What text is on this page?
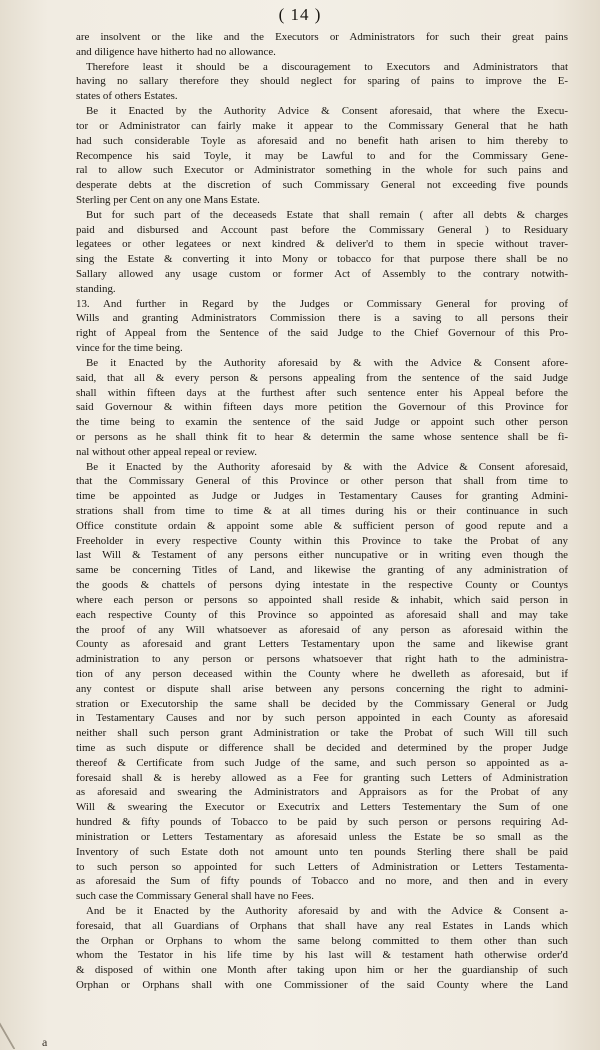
( 14 )
are insolvent or the like and the Executors or Administrators for such their great pains
and diligence have hitherto had no allowance.
Therefore least it should be a discouragement to Executors and Administrators that
having no sallary therefore they should neglect for sparing of pains to improve the E-
states of others Estates.
Be it Enacted by the Authority Advice & Consent aforesaid, that where the Execu-
tor or Administrator can fairly make it appear to the Commissary General that he hath
had such considerable Toyle as aforesaid and no benefit hath arisen to him thereby to
Recompence his said Toyle, it may be Lawful to and for the Commissary Gene-
ral to allow such Executor or Administrator something in the whole for such pains and
desperate debts at the discretion of such Commissary General not exceeding five pounds
Sterling per Cent on any one Mans Estate.
But for such part of the deceaseds Estate that shall remain ( after all debts & charges
paid and disbursed and Account past before the Commissary General ) to Residuary
legatees or other legatees or next kindred & deliver'd to them in specie without traver-
sing the Estate & converting it into Mony or tobacco for that purpose there shall be no
Sallary allowed any usage custom or former Act of Assembly to the contrary notwith-
standing.
13. And further in Regard by the Judges or Commissary General for proving of
Wills and granting Administrators Commission there is a saving to all persons their
right of Appeal from the Sentence of the said Judge to the Chief Governour of this Pro-
vince for the time being.
Be it Enacted by the Authority aforesaid by & with the Advice & Consent afore-
said, that all & every person & persons appealing from the sentence of the said Judge
shall within fifteen days at the furthest after such sentence enter his Appeal before the
said Governour & within fifteen days more petition the Governour of this Province for
the time being to examin the sentence of the said Judge or appoint such other person
or persons as he shall think fit to hear & determin the same whose sentence shall be fi-
nal without other appeal repeal or review.
Be it Enacted by the Authority aforesaid by & with the Advice & Consent aforesaid,
that the Commissary General of this Province or other person that shall from time to
time be appointed as Judge or Judges in Testamentary Causes for granting Admini-
strations shall from time to time & at all times during his or their continuance in such
Office constitute ordain & appoint some able & sufficient person of good repute and a
Freeholder in every respective County within this Province to take the Probat of any
last Will & Testament of any persons either nuncupative or in writing even though the
same be concerning Titles of Land, and likewise the granting of any administration of
the goods & chattels of persons dying intestate in the respective County or Countys
where each person or persons so appointed shall reside & inhabit, which said person in
each respective County of this Province so appointed as aforesaid shall and may take
the proof of any Will whatsoever as aforesaid of any person as aforesaid within the
County as aforesaid and grant Letters Testamentary upon the same and likewise grant
administration to any person or persons whatsoever that right hath to the administra-
tion of any person deceased within the County where he dwelleth as aforesaid, but if
any contest or dispute shall arise between any persons concerning the right to admini-
stration or Executorship the same shall be decided by the Commissary General or Judg
in Testamentary Causes and nor by such person appointed in each County as aforesaid
neither shall such person grant Administration or take the Probat of such Will till such
time as such dispute or difference shall be decided and determined by the proper Judge
thereof & Certificate from such Judge of the same, and such person so appointed as a-
foresaid shall & is hereby allowed as a Fee for granting such Letters of Administration
as aforesaid and swearing the Administrators and Appraisors as for the Probat of any
Will & swearing the Executor or Executrix and Letters Testementary the Sum of one
hundred & fifty pounds of Tobacco to be paid by such person or persons requiring Ad-
ministration or Letters Testamentary as aforesaid unless the Estate be so small as the
Inventory of such Estate doth not amount unto ten pounds Sterling there shall be paid
to such person so appointed for such Letters of Administration or Letters Testamenta-
as aforesaid the Sum of fifty pounds of Tobacco and no more, and then and in every
such case the Commissary General shall have no Fees.
And be it Enacted by the Authority aforesaid by and with the Advice & Consent a-
foresaid, that all Guardians of Orphans that shall have any real Estates in Lands which
the Orphan or Orphans to whom the same belong committed to them other than such
whom the Testator in his life time by his last will & testament hath otherwise order'd
& disposed of within one Month after taking upon him or her the guardianship of such
Orphan or Orphans shall with one Commissioner of the said County where the Land
a
